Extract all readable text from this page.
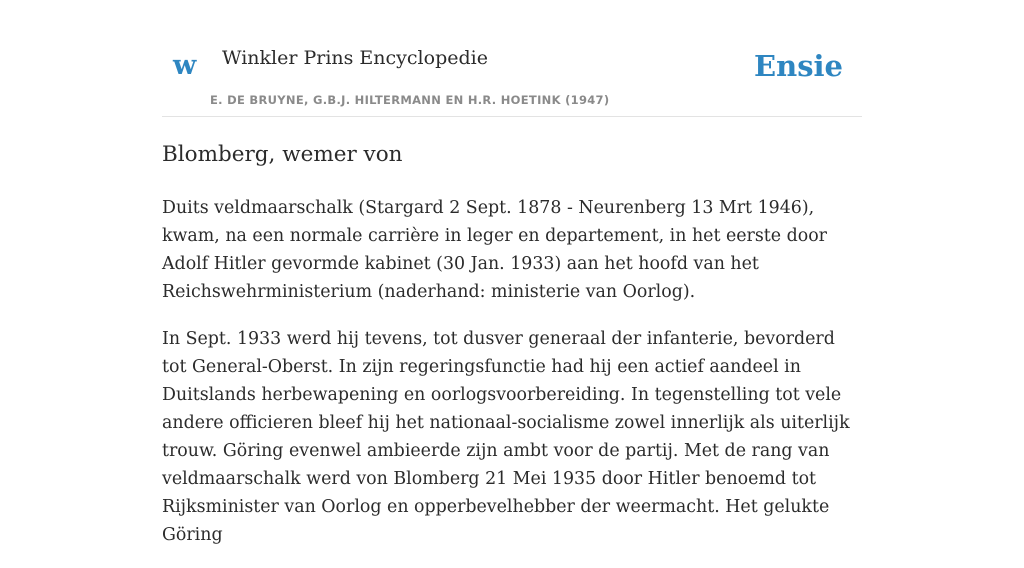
w Winkler Prins Encyclopedie
E. DE BRUYNE, G.B.J. HILTERMANN EN H.R. HOETINK (1947)
Ensie
Blomberg, wemer von

Duits veldmaarschalk (Stargard 2 Sept. 1878 - Neurenberg 13 Mrt 1946), kwam, na een normale carrière in leger en departement, in het eerste door Adolf Hitler gevormde kabinet (30 Jan. 1933) aan het hoofd van het Reichswehrministerium (naderhand: ministerie van Oorlog).

In Sept. 1933 werd hij tevens, tot dusver generaal der infanterie, bevorderd tot General-Oberst. In zijn regeringsfunctie had hij een actief aandeel in Duitslands herbewapening en oorlogsvoorbereiding. In tegenstelling tot vele andere officieren bleef hij het nationaal-socialisme zowel innerlijk als uiterlijk trouw. Göring evenwel ambieerde zijn ambt voor de partij. Met de rang van veldmaarschalk werd von Blomberg 21 Mei 1935 door Hitler benoemd tot Rijksminister van Oorlog en opperbevelhebber der weermacht. Het gelukte Göring
